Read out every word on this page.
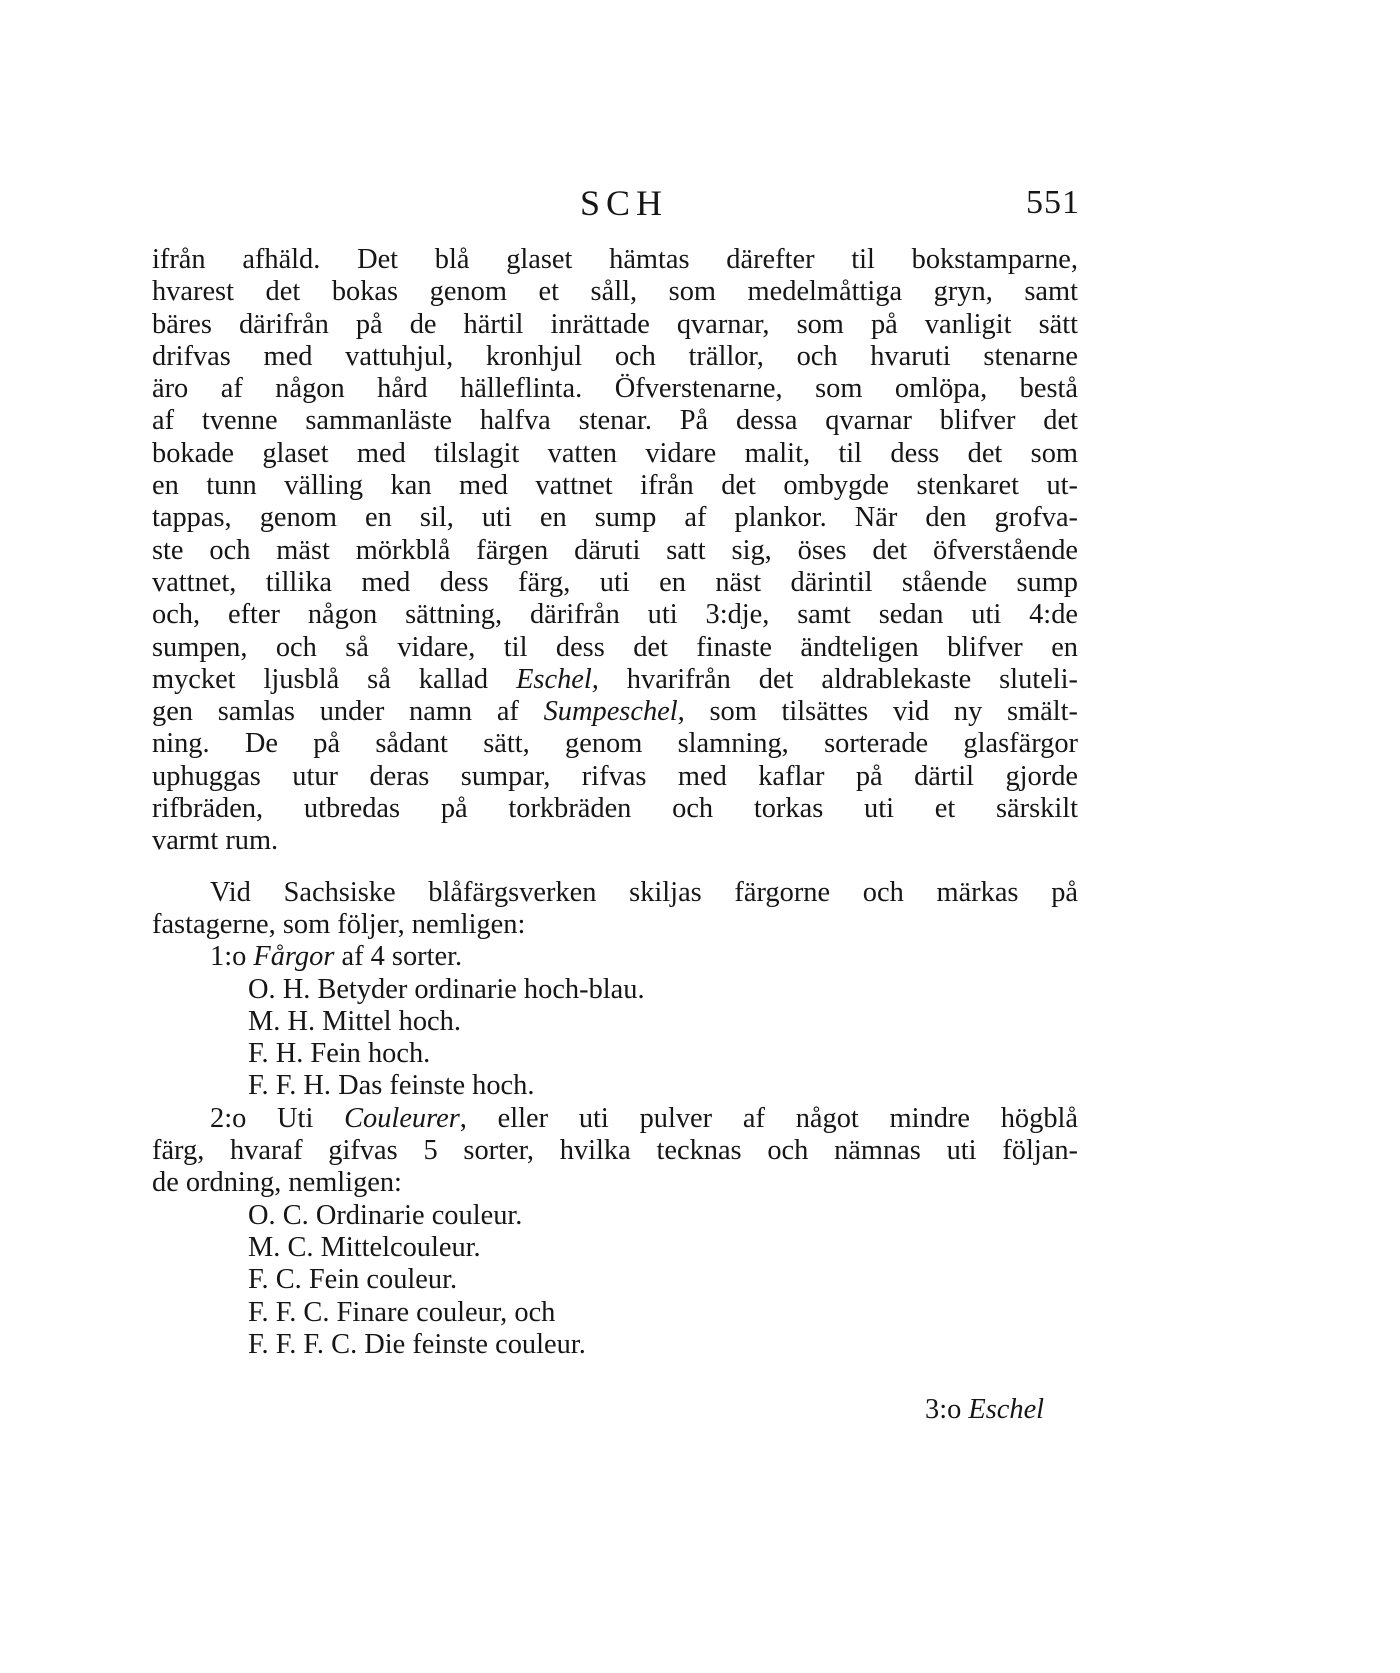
SCH	551
ifrån afhäld. Det blå glaset hämtas därefter til bokstamparne,
hvarest det bokas genom et såll, som medelmåttiga gryn, samt
bäres därifrån på de härtil inrättade qvarnar, som på vanligit sätt
drifvas med vattuhjul, kronhjul och trällor, och hvaruti stenarne
äro af någon hård hälleflinta. Öfverstenarne, som omlöpa, bestå
af tvenne sammanläste halfva stenar. På dessa qvarnar blifver det
bokade glaset med tilslagit vatten vidare malit, til dess det som
en tunn välling kan med vattnet ifrån det ombygde stenkaret ut-
tappas, genom en sil, uti en sump af plankor. När den grofva-
ste och mäst mörkblå färgen däruti satt sig, öses det öfverstående
vattnet, tillika med dess färg, uti en näst därintil stående sump
och, efter någon sättning, därifrån uti 3:dje, samt sedan uti 4:de
sumpen, och så vidare, til dess det finaste ändteligen blifver en
mycket ljusblå så kallad Eschel, hvarifrån det aldrablekaste sluteli-
gen samlas under namn af Sumpeschel, som tilsättes vid ny smält-
ning. De på sådant sätt, genom slamning, sorterade glasfärgor
uphuggas utur deras sumpar, rifvas med kaflar på därtil gjorde
rifbräden, utbredas på torkbräden och torkas uti et särskilt
varmt rum.
Vid Sachsiske blåfärgsverken skiljas färgorne och märkas på
fastagerne, som följer, nemligen:
1:o Fårgor af 4 sorter.
O. H. Betyder ordinarie hoch-blau.
M. H. Mittel hoch.
F. H. Fein hoch.
F. F. H. Das feinste hoch.
2:o Uti Couleurer, eller uti pulver af något mindre högblå
färg, hvaraf gifvas 5 sorter, hvilka tecknas och nämnas uti följan-
de ordning, nemligen:
O. C. Ordinarie couleur.
M. C. Mittelcouleur.
F. C. Fein couleur.
F. F. C. Finare couleur, och
F. F. F. C. Die feinste couleur.
3:o Eschel
